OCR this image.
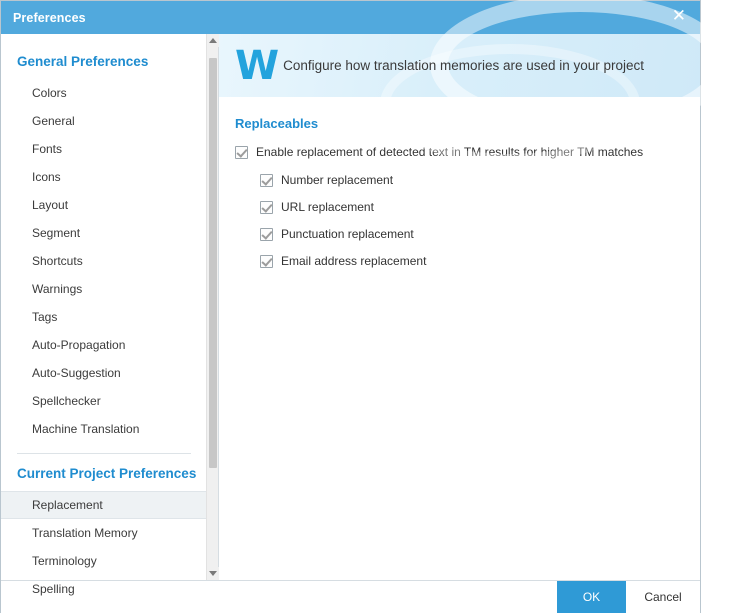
Preferences	✕
General Preferences
Colors
General
Fonts
Icons
Layout
Segment
Shortcuts
Warnings
Tags
Auto-Propagation
Auto-Suggestion
Spellchecker
Machine Translation
Current Project Preferences
Replacement
Translation Memory
Terminology
Spelling
W Configure how translation memories are used in your project
Replaceables
Enable replacement of detected text in TM results for higher TM matches
Number replacement
URL replacement
Punctuation replacement
Email address replacement
OK	Cancel
